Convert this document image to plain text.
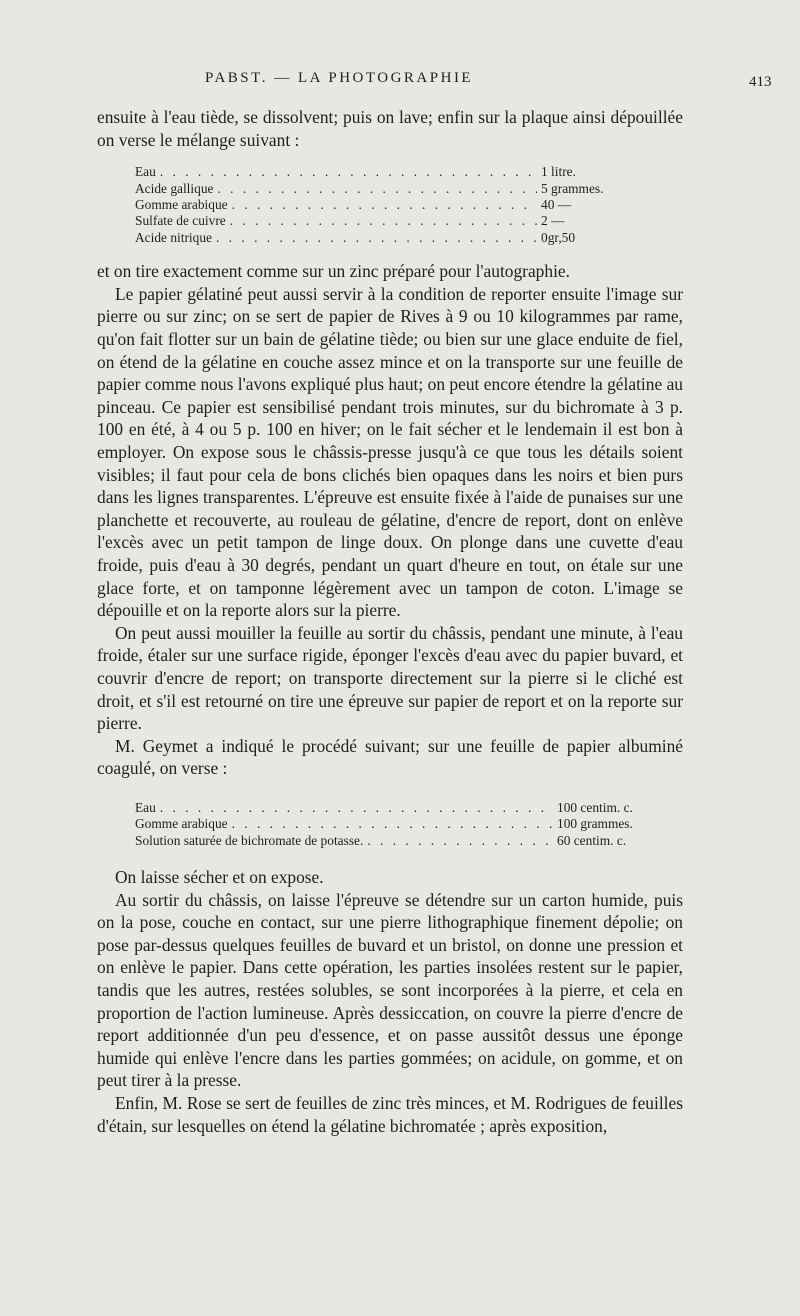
PABST. — LA PHOTOGRAPHIE	413

ensuite à l'eau tiède, se dissolvent; puis on lave; enfin sur la plaque ainsi dépouillée on verse le mélange suivant :

Eau . . .	1 litre.
Acide gallique . . .	5 grammes.
Gomme arabique . . .	40 —
Sulfate de cuivre . . .	2 —
Acide nitrique . . .	0gr,50

et on tire exactement comme sur un zinc préparé pour l'autographie.

Le papier gélatiné peut aussi servir à la condition de reporter ensuite l'image sur pierre ou sur zinc; on se sert de papier de Rives à 9 ou 10 kilogrammes par rame, qu'on fait flotter sur un bain de gélatine tiède; ou bien sur une glace enduite de fiel, on étend de la gélatine en couche assez mince et on la transporte sur une feuille de papier comme nous l'avons expliqué plus haut; on peut encore étendre la gélatine au pinceau. Ce papier est sensibilisé pendant trois minutes, sur du bichromate à 3 p. 100 en été, à 4 ou 5 p. 100 en hiver; on le fait sécher et le lendemain il est bon à employer. On expose sous le châssis-presse jusqu'à ce que tous les détails soient visibles; il faut pour cela de bons clichés bien opaques dans les noirs et bien purs dans les lignes transparentes. L'épreuve est ensuite fixée à l'aide de punaises sur une planchette et recouverte, au rouleau de gélatine, d'encre de report, dont on enlève l'excès avec un petit tampon de linge doux. On plonge dans une cuvette d'eau froide, puis d'eau à 30 degrés, pendant un quart d'heure en tout, on étale sur une glace forte, et on tamponne légèrement avec un tampon de coton. L'image se dépouille et on la reporte alors sur la pierre.

On peut aussi mouiller la feuille au sortir du châssis, pendant une minute, à l'eau froide, étaler sur une surface rigide, éponger l'excès d'eau avec du papier buvard, et couvrir d'encre de report; on transporte directement sur la pierre si le cliché est droit, et s'il est retourné on tire une épreuve sur papier de report et on la reporte sur pierre.

M. Geymet a indiqué le procédé suivant; sur une feuille de papier albuminé coagulé, on verse :

Eau . . .	100 centim. c.
Gomme arabique . . .	100 grammes.
Solution saturée de bichromate de potasse. . . .	60 centim. c.

On laisse sécher et on expose.

Au sortir du châssis, on laisse l'épreuve se détendre sur un carton humide, puis on la pose, couche en contact, sur une pierre lithographique finement dépolie; on pose par-dessus quelques feuilles de buvard et un bristol, on donne une pression et on enlève le papier. Dans cette opération, les parties insolées restent sur le papier, tandis que les autres, restées solubles, se sont incorporées à la pierre, et cela en proportion de l'action lumineuse. Après dessiccation, on couvre la pierre d'encre de report additionnée d'un peu d'essence, et on passe aussitôt dessus une éponge humide qui enlève l'encre dans les parties gommées; on acidule, on gomme, et on peut tirer à la presse.

Enfin, M. Rose se sert de feuilles de zinc très minces, et M. Rodrigues de feuilles d'étain, sur lesquelles on étend la gélatine bichromatée ; après exposition,
